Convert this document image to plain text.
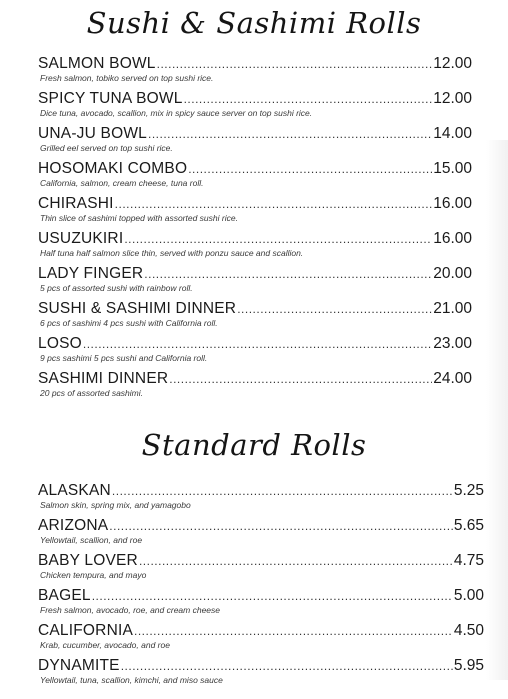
Sushi & Sashimi Rolls
SALMON BOWL .....	12.00
Fresh salmon, tobiko served on top sushi rice.
SPICY TUNA BOWL .....	12.00
Dice tuna, avocado, scallion, mix in spicy sauce server on top sushi rice.
UNA-JU BOWL .....	14.00
Grilled eel served on top sushi rice.
HOSOMAKI COMBO .....	15.00
California, salmon, cream cheese, tuna roll.
CHIRASHI .....	16.00
Thin slice of sashimi topped with assorted sushi rice.
USUZUKIRI .....	16.00
Half tuna half salmon slice thin, served with ponzu sauce and scallion.
LADY FINGER .....	20.00
5 pcs of assorted sushi with rainbow roll.
SUSHI & SASHIMI DINNER .....	21.00
6 pcs of sashimi 4 pcs sushi with California roll.
LOSO .....	23.00
9 pcs sashimi 5 pcs sushi and California roll.
SASHIMI DINNER .....	24.00
20 pcs of assorted sashimi.
Standard Rolls
ALASKAN .....	5.25
Salmon skin, spring mix, and yamagobo
ARIZONA .....	5.65
Yellowtail, scallion, and roe
BABY LOVER .....	4.75
Chicken tempura, and mayo
BAGEL .....	5.00
Fresh salmon, avocado, roe, and cream cheese
CALIFORNIA .....	4.50
Krab, cucumber, avocado, and roe
DYNAMITE .....	5.95
Yellowtail, tuna, scallion, kimchi, and miso sauce
